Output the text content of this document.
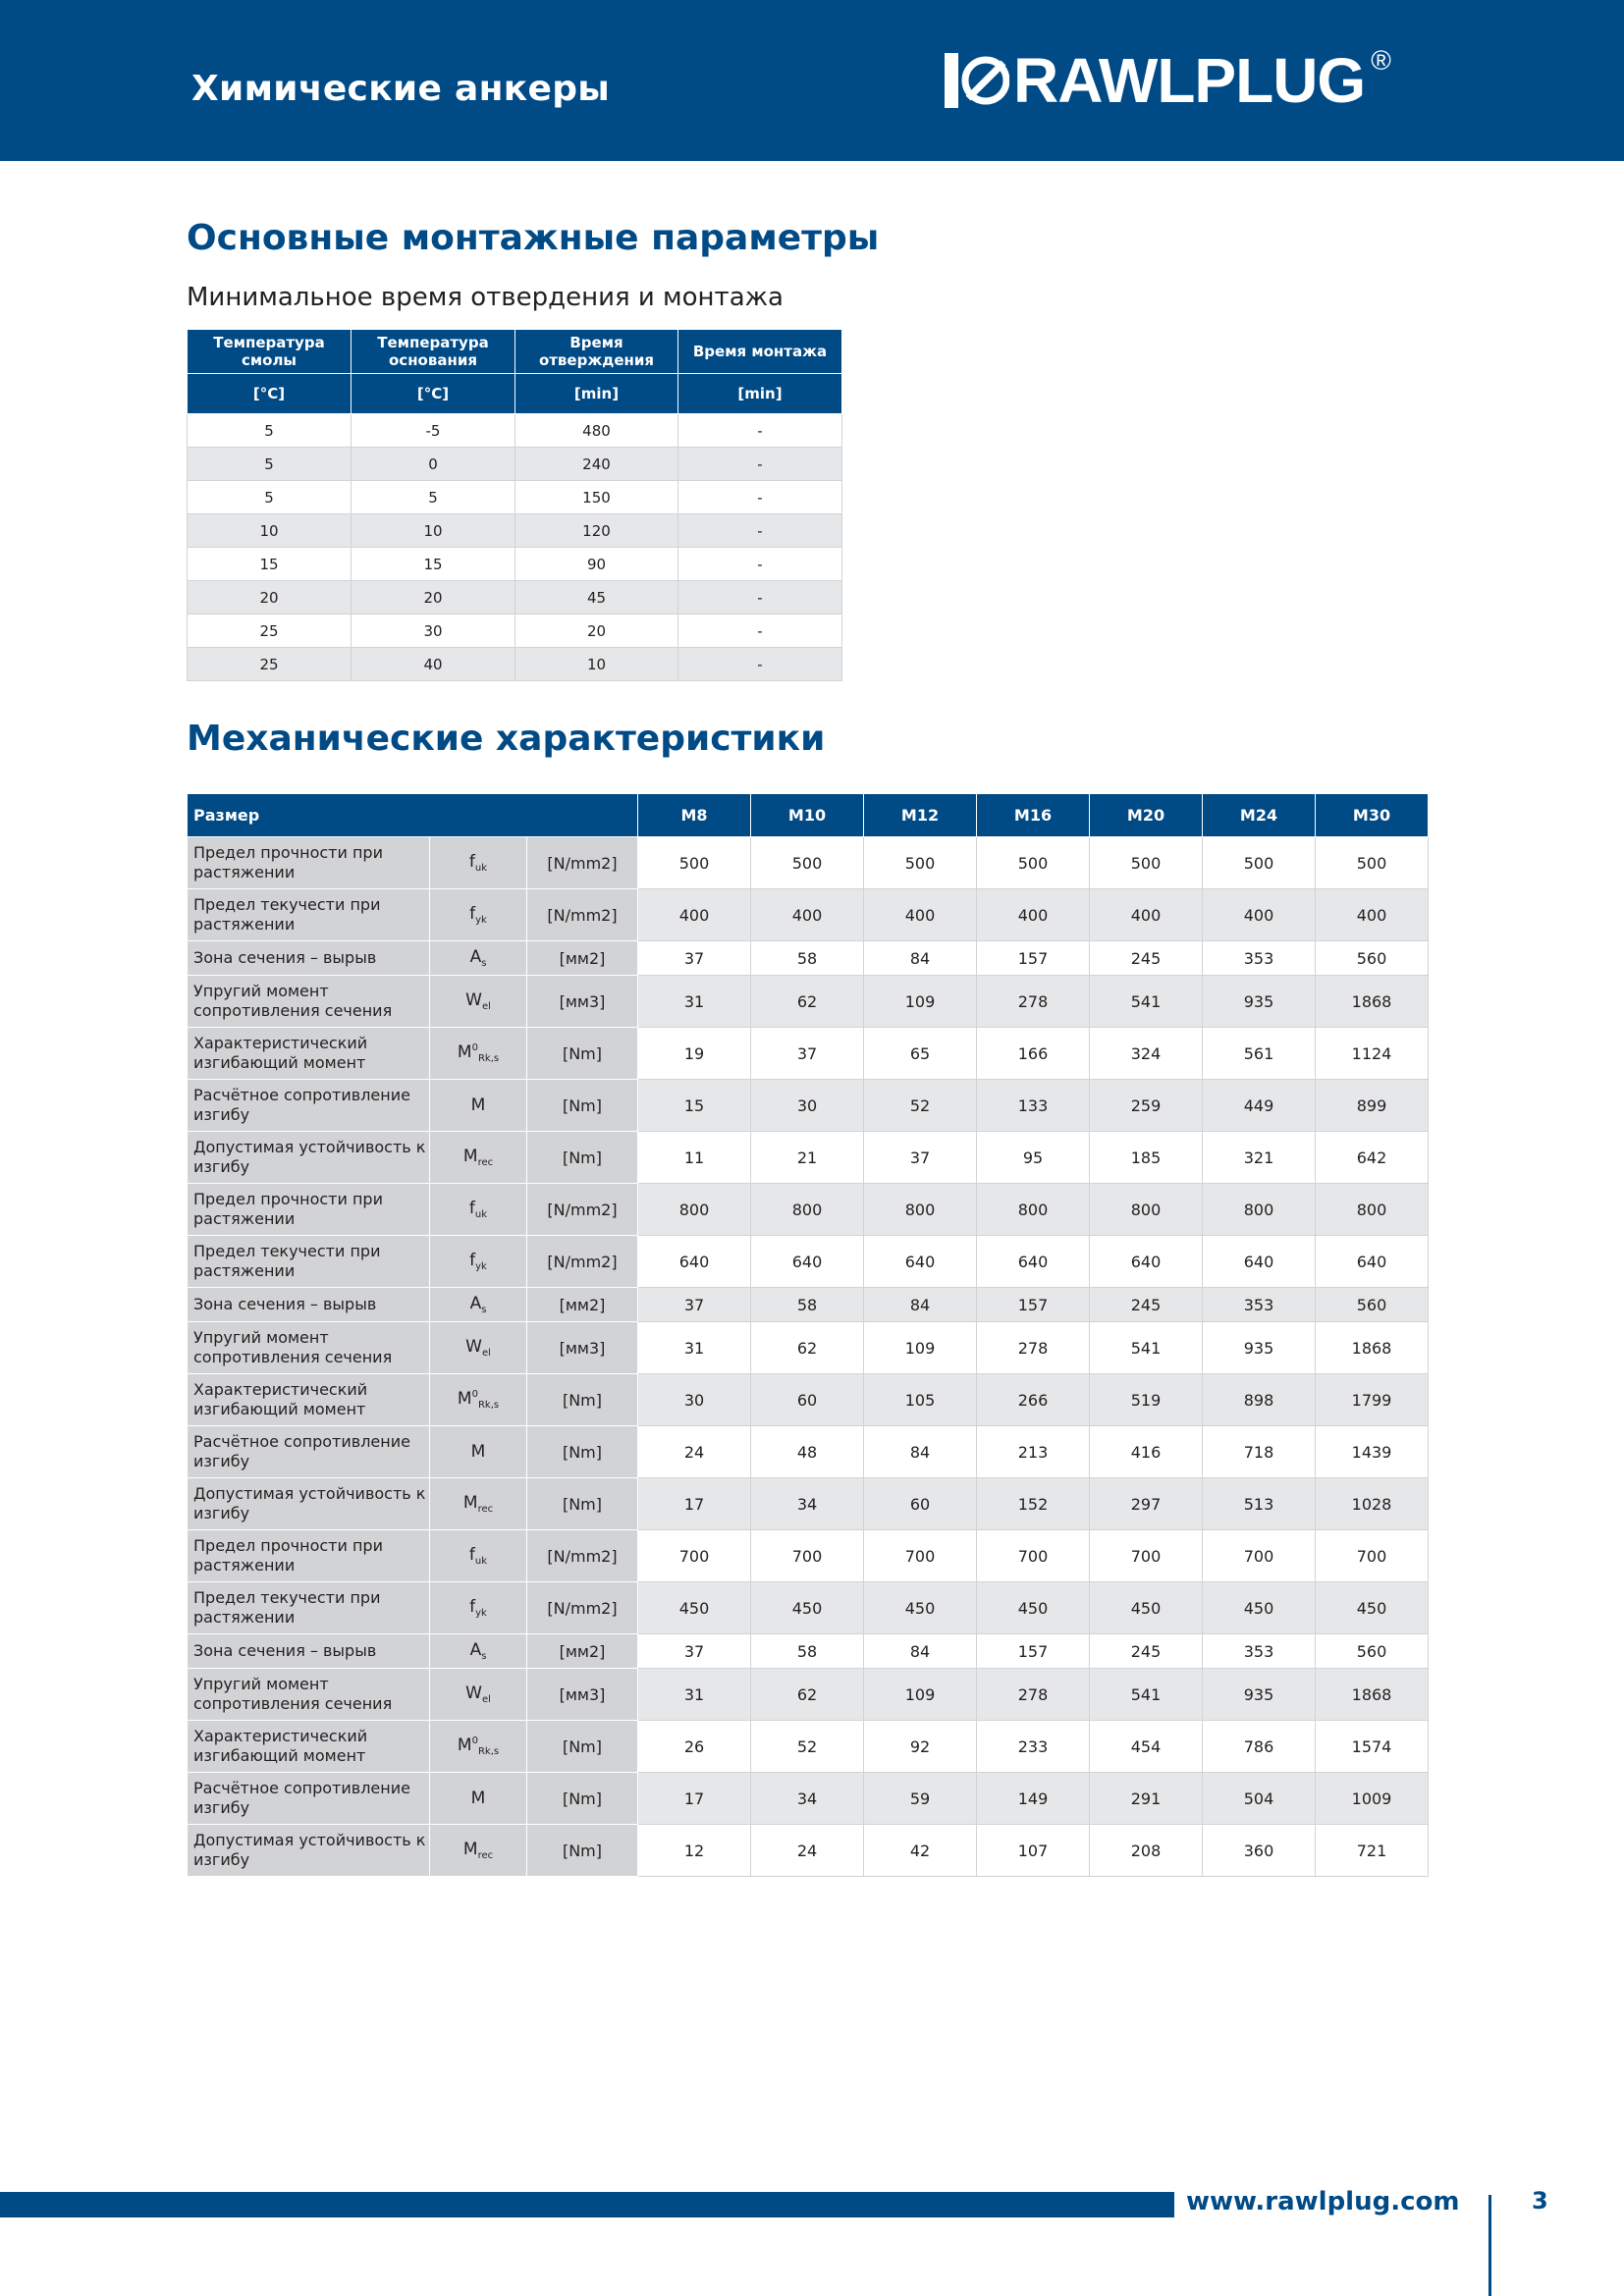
Химические анкеры	RAWLPLUG ®
Основные монтажные параметры
Минимальное время отвердения и монтажа
Температура смолы	Температура основания	Время отверждения	Время монтажа
[°C]	[°C]	[min]	[min]
5	-5	480	-
5	0	240	-
5	5	150	-
10	10	120	-
15	15	90	-
20	20	45	-
25	30	20	-
25	40	10	-
Механические характеристики
Размер			M8	M10	M12	M16	M20	M24	M30
Предел прочности при растяжении	$f_{uk}$	[N/mm2]	500	500	500	500	500	500	500
Предел текучести при растяжении	$f_{yk}$	[N/mm2]	400	400	400	400	400	400	400
Зона сечения – вырыв	$A_s$	[мм2]	37	58	84	157	245	353	560
Упругий момент сопротивления сечения	$W_{el}$	[мм3]	31	62	109	278	541	935	1868
Характеристический изгибающий момент	$M^0_{Rk,s}$	[Nm]	19	37	65	166	324	561	1124
Расчётное сопротивление изгибу	M	[Nm]	15	30	52	133	259	449	899
Допустимая устойчивость к изгибу	$M_{rec}$	[Nm]	11	21	37	95	185	321	642
Предел прочности при растяжении	$f_{uk}$	[N/mm2]	800	800	800	800	800	800	800
Предел текучести при растяжении	$f_{yk}$	[N/mm2]	640	640	640	640	640	640	640
Зона сечения – вырыв	$A_s$	[мм2]	37	58	84	157	245	353	560
Упругий момент сопротивления сечения	$W_{el}$	[мм3]	31	62	109	278	541	935	1868
Характеристический изгибающий момент	$M^0_{Rk,s}$	[Nm]	30	60	105	266	519	898	1799
Расчётное сопротивление изгибу	M	[Nm]	24	48	84	213	416	718	1439
Допустимая устойчивость к изгибу	$M_{rec}$	[Nm]	17	34	60	152	297	513	1028
Предел прочности при растяжении	$f_{uk}$	[N/mm2]	700	700	700	700	700	700	700
Предел текучести при растяжении	$f_{yk}$	[N/mm2]	450	450	450	450	450	450	450
Зона сечения – вырыв	$A_s$	[мм2]	37	58	84	157	245	353	560
Упругий момент сопротивления сечения	$W_{el}$	[мм3]	31	62	109	278	541	935	1868
Характеристический изгибающий момент	$M^0_{Rk,s}$	[Nm]	26	52	92	233	454	786	1574
Расчётное сопротивление изгибу	M	[Nm]	17	34	59	149	291	504	1009
Допустимая устойчивость к изгибу	$M_{rec}$	[Nm]	12	24	42	107	208	360	721
www.rawlplug.com	3
